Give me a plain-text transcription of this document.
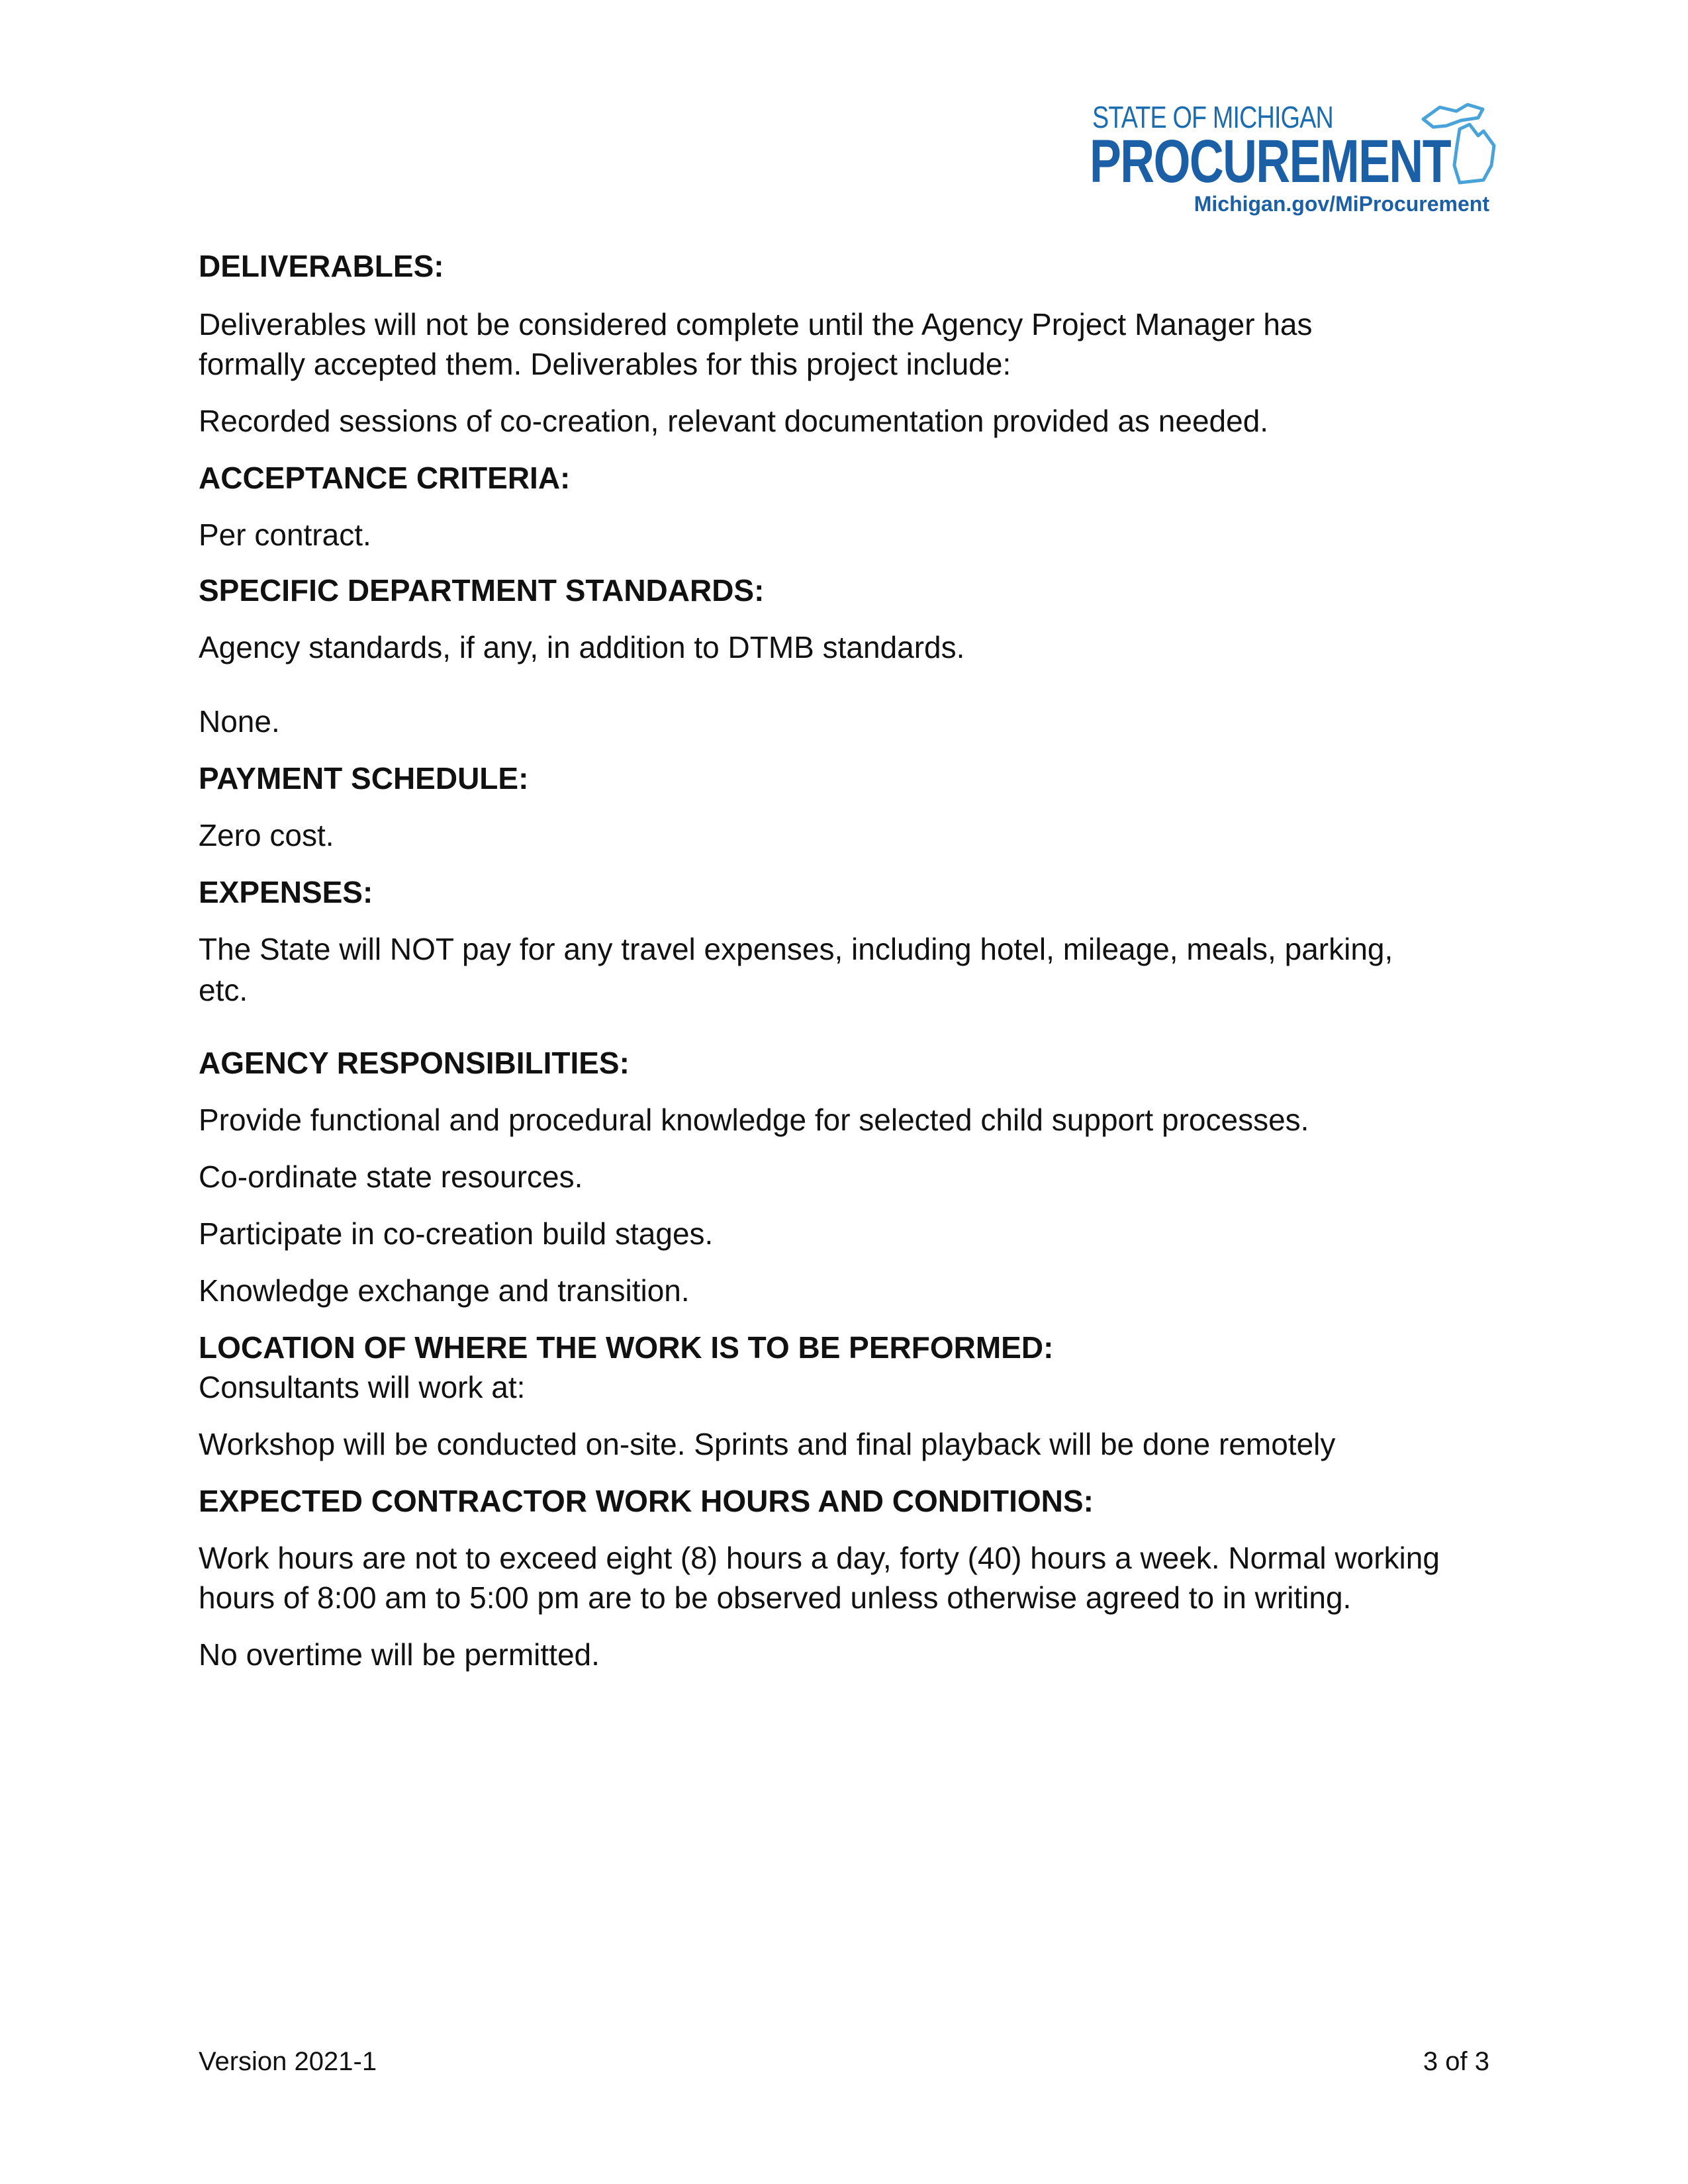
STATE OF MICHIGAN
PROCUREMENT
Michigan.gov/MiProcurement

DELIVERABLES:

Deliverables will not be considered complete until the Agency Project Manager has

formally accepted them. Deliverables for this project include:

Recorded sessions of co-creation, relevant documentation provided as needed.

ACCEPTANCE CRITERIA:

Per contract.

SPECIFIC DEPARTMENT STANDARDS:

Agency standards, if any, in addition to DTMB standards.

None.

PAYMENT SCHEDULE:

Zero cost.

EXPENSES:

The State will NOT pay for any travel expenses, including hotel, mileage, meals, parking,

etc.

AGENCY RESPONSIBILITIES:

Provide functional and procedural knowledge for selected child support processes.

Co-ordinate state resources.

Participate in co-creation build stages.

Knowledge exchange and transition.

LOCATION OF WHERE THE WORK IS TO BE PERFORMED:

Consultants will work at:

Workshop will be conducted on-site. Sprints and final playback will be done remotely

EXPECTED CONTRACTOR WORK HOURS AND CONDITIONS:

Work hours are not to exceed eight (8) hours a day, forty (40) hours a week. Normal working

hours of 8:00 am to 5:00 pm are to be observed unless otherwise agreed to in writing.

No overtime will be permitted.

Version 2021-1	3 of 3
